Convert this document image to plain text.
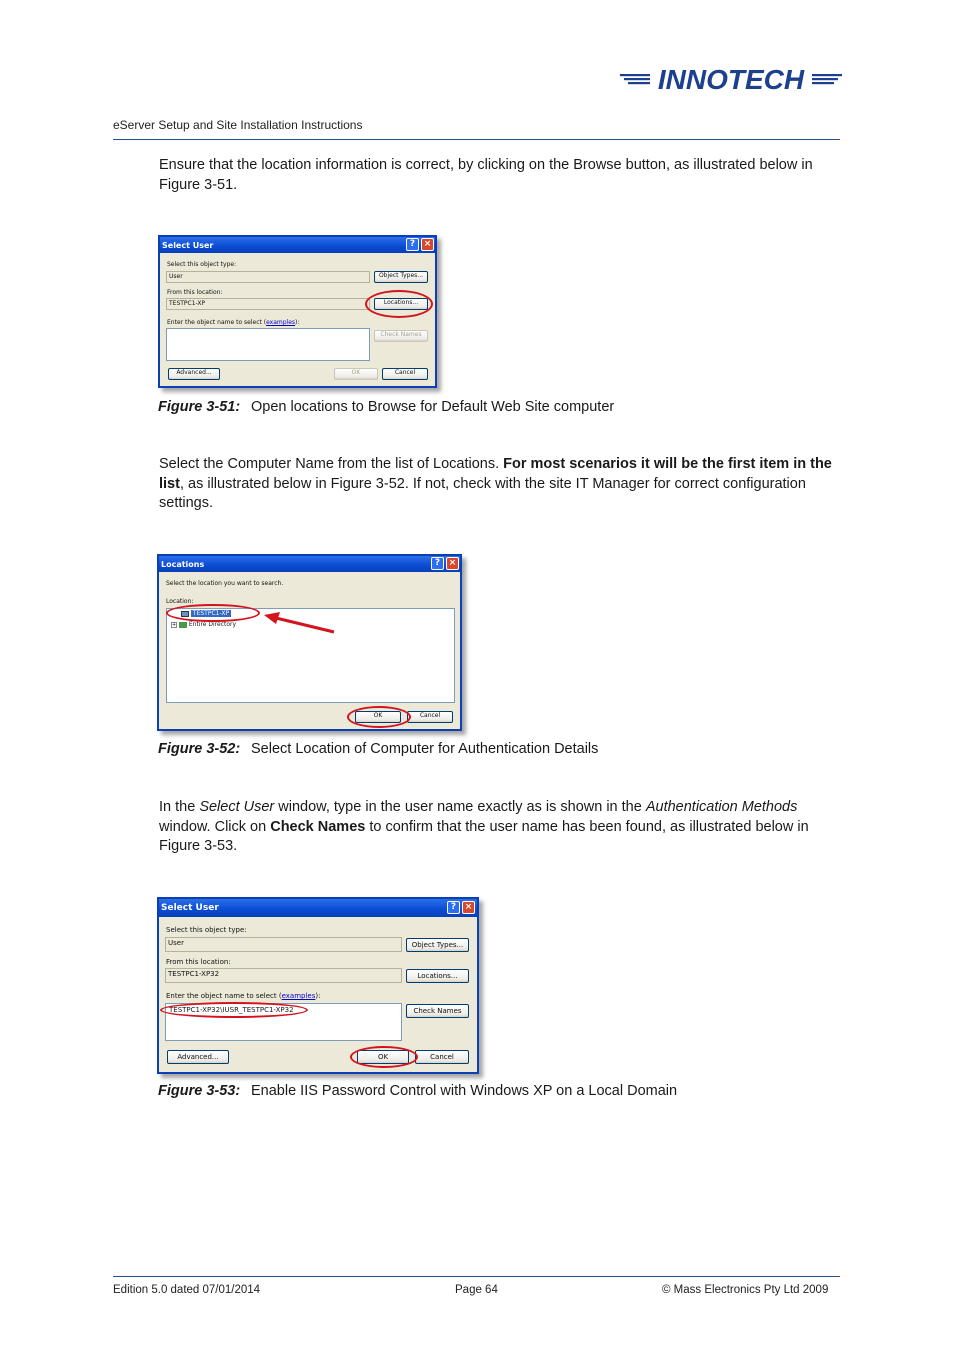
INNOTECH
eServer Setup and Site Installation Instructions
Ensure that the location information is correct, by clicking on the Browse button, as illustrated below in Figure 3-51.
Select User	? ×
Select this object type:
User	Object Types...
From this location:
TESTPC1-XP	Locations...
Enter the object name to select (examples):
Check Names
Advanced...	OK	Cancel
Figure 3-51: Open locations to Browse for Default Web Site computer
Select the Computer Name from the list of Locations. For most scenarios it will be the first item in the list, as illustrated below in Figure 3-52. If not, check with the site IT Manager for correct configuration settings.
Locations	? ×
Select the location you want to search.
Location:
TESTPC1-XP
+ Entire Directory
OK	Cancel
Figure 3-52: Select Location of Computer for Authentication Details
In the Select User window, type in the user name exactly as is shown in the Authentication Methods window. Click on Check Names to confirm that the user name has been found, as illustrated below in Figure 3-53.
Select User	? ×
Select this object type:
User	Object Types...
From this location:
TESTPC1-XP32	Locations...
Enter the object name to select (examples):
TESTPC1-XP32\IUSR_TESTPC1-XP32	Check Names
Advanced...	OK	Cancel
Figure 3-53: Enable IIS Password Control with Windows XP on a Local Domain
Edition 5.0 dated 07/01/2014	Page 64	© Mass Electronics Pty Ltd 2009
